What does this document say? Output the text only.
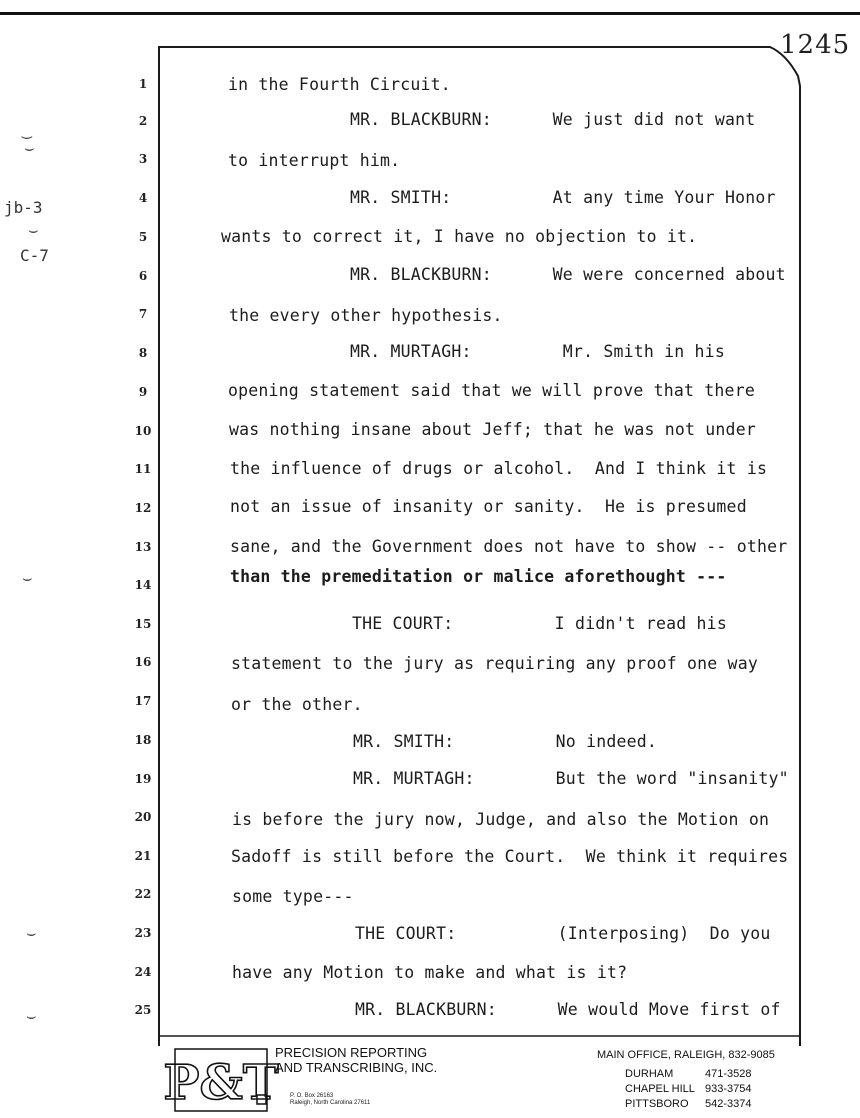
1245
‿
⌣
jb-3
⌣
C-7
⌣
⌣
⌣
1	in the Fourth Circuit.
2	MR. BLACKBURN:      We just did not want
3	to interrupt him.
4	MR. SMITH:          At any time Your Honor
5	wants to correct it, I have no objection to it.
6	MR. BLACKBURN:      We were concerned about
7	the every other hypothesis.
8	MR. MURTAGH:         Mr. Smith in his
9	opening statement said that we will prove that there
10	was nothing insane about Jeff; that he was not under
11	the influence of drugs or alcohol.  And I think it is
12	not an issue of insanity or sanity.  He is presumed
13	sane, and the Government does not have to show -- other
14	than the premeditation or malice aforethought ---
15	THE COURT:          I didn't read his
16	statement to the jury as requiring any proof one way
17	or the other.
18	MR. SMITH:          No indeed.
19	MR. MURTAGH:        But the word "insanity"
20	is before the jury now, Judge, and also the Motion on
21	Sadoff is still before the Court.  We think it requires
22	some type---
23	THE COURT:          (Interposing)  Do you
24	have any Motion to make and what is it?
25	MR. BLACKBURN:      We would Move first of
P&T
PRECISION REPORTING
AND TRANSCRIBING, INC.
P. O. Box 26163
Raleigh, North Carolina 27611
MAIN OFFICE, RALEIGH, 832-9085
DURHAM	471-3528
CHAPEL HILL 933-3754
PITTSBORO 542-3374
